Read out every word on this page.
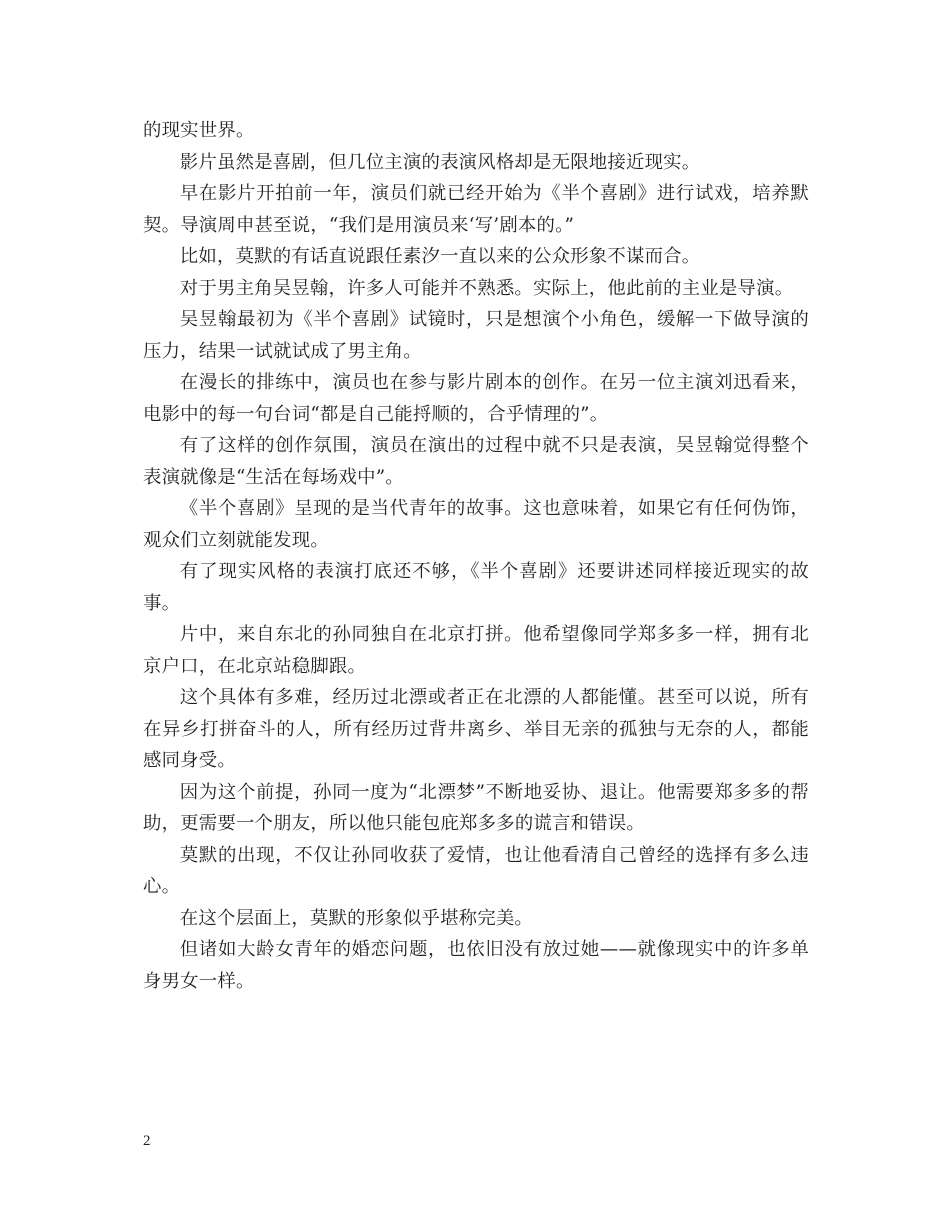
的现实世界。

影片虽然是喜剧，但几位主演的表演风格却是无限地接近现实。

早在影片开拍前一年，演员们就已经开始为《半个喜剧》进行试戏，培养默契。导演周申甚至说，“我们是用演员来‘写’剧本的。”

比如，莫默的有话直说跟任素汐一直以来的公众形象不谋而合。

对于男主角吴昱翰，许多人可能并不熟悉。实际上，他此前的主业是导演。

吴昱翰最初为《半个喜剧》试镜时，只是想演个小角色，缓解一下做导演的压力，结果一试就试成了男主角。

在漫长的排练中，演员也在参与影片剧本的创作。在另一位主演刘迅看来，电影中的每一句台词“都是自己能捋顺的，合乎情理的”。

有了这样的创作氛围，演员在演出的过程中就不只是表演，吴昱翰觉得整个表演就像是“生活在每场戏中”。

《半个喜剧》呈现的是当代青年的故事。这也意味着，如果它有任何伪饰，观众们立刻就能发现。

有了现实风格的表演打底还不够，《半个喜剧》还要讲述同样接近现实的故事。

片中，来自东北的孙同独自在北京打拼。他希望像同学郑多多一样，拥有北京户口，在北京站稳脚跟。

这个具体有多难，经历过北漂或者正在北漂的人都能懂。甚至可以说，所有在异乡打拼奋斗的人，所有经历过背井离乡、举目无亲的孤独与无奈的人，都能感同身受。

因为这个前提，孙同一度为“北漂梦”不断地妥协、退让。他需要郑多多的帮助，更需要一个朋友，所以他只能包庇郑多多的谎言和错误。

莫默的出现，不仅让孙同收获了爱情，也让他看清自己曾经的选择有多么违心。

在这个层面上，莫默的形象似乎堪称完美。

但诸如大龄女青年的婚恋问题，也依旧没有放过她——就像现实中的许多单身男女一样。

2
